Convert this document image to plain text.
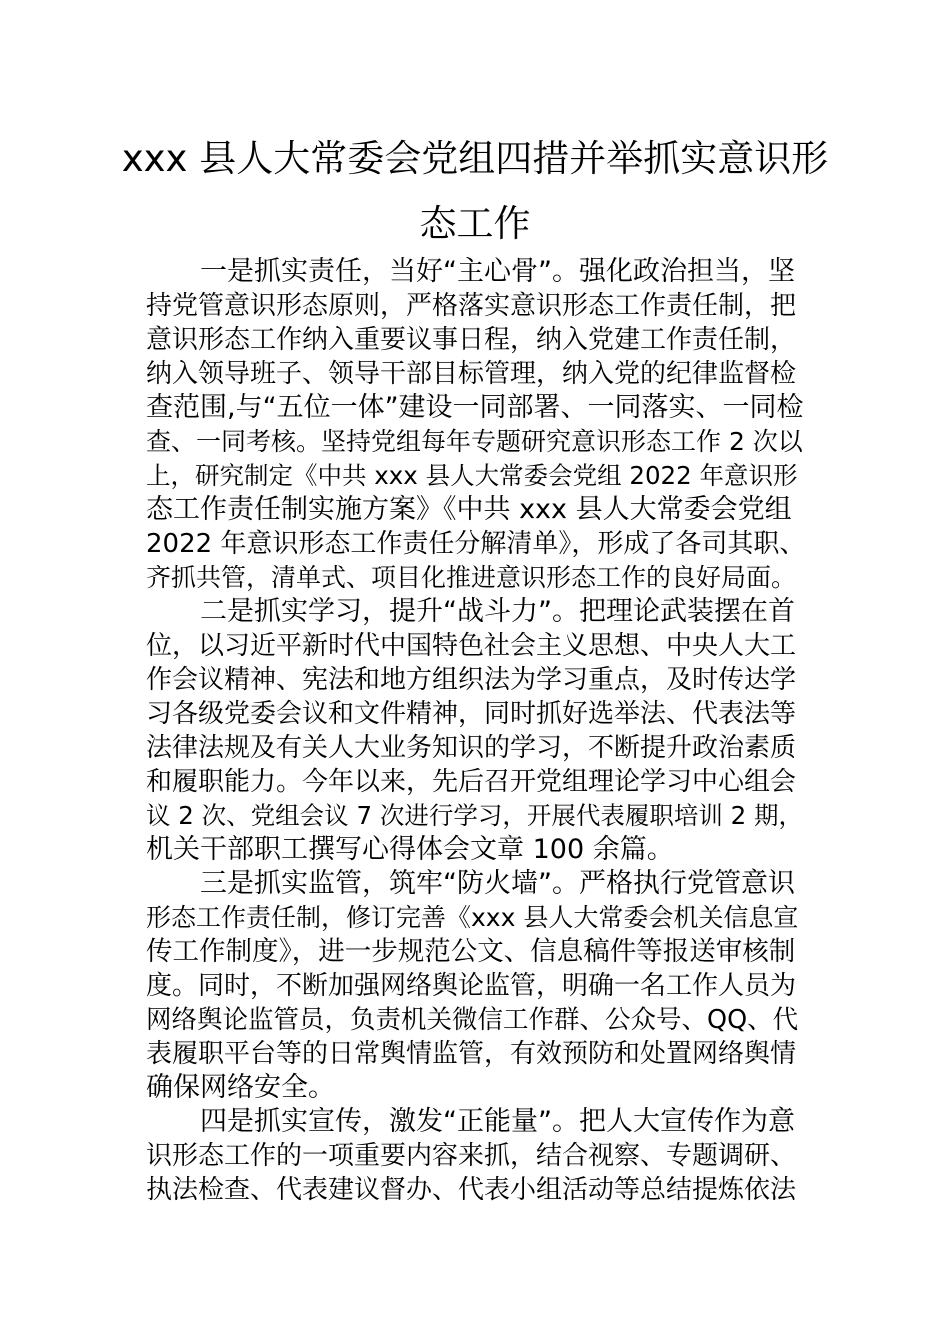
xxx 县人大常委会党组四措并举抓实意识形
态工作
一是抓实责任，当好“主心骨”。强化政治担当，坚
持党管意识形态原则，严格落实意识形态工作责任制，把
意识形态工作纳入重要议事日程，纳入党建工作责任制，
纳入领导班子、领导干部目标管理，纳入党的纪律监督检
查范围,与“五位一体”建设一同部署、一同落实、一同检
查、一同考核。坚持党组每年专题研究意识形态工作 2 次以
上，研究制定《中共 xxx 县人大常委会党组 2022 年意识形
态工作责任制实施方案》《中共 xxx 县人大常委会党组
2022 年意识形态工作责任分解清单》，形成了各司其职、
齐抓共管，清单式、项目化推进意识形态工作的良好局面。
二是抓实学习，提升“战斗力”。把理论武装摆在首
位，以习近平新时代中国特色社会主义思想、中央人大工
作会议精神、宪法和地方组织法为学习重点，及时传达学
习各级党委会议和文件精神，同时抓好选举法、代表法等
法律法规及有关人大业务知识的学习，不断提升政治素质
和履职能力。今年以来，先后召开党组理论学习中心组会
议 2 次、党组会议 7 次进行学习，开展代表履职培训 2 期，
机关干部职工撰写心得体会文章 100 余篇。
三是抓实监管，筑牢“防火墙”。严格执行党管意识
形态工作责任制，修订完善《xxx 县人大常委会机关信息宣
传工作制度》，进一步规范公文、信息稿件等报送审核制
度。同时，不断加强网络舆论监管，明确一名工作人员为
网络舆论监管员，负责机关微信工作群、公众号、QQ、代
表履职平台等的日常舆情监管，有效预防和处置网络舆情
确保网络安全。
四是抓实宣传，激发“正能量”。把人大宣传作为意
识形态工作的一项重要内容来抓，结合视察、专题调研、
执法检查、代表建议督办、代表小组活动等总结提炼依法
